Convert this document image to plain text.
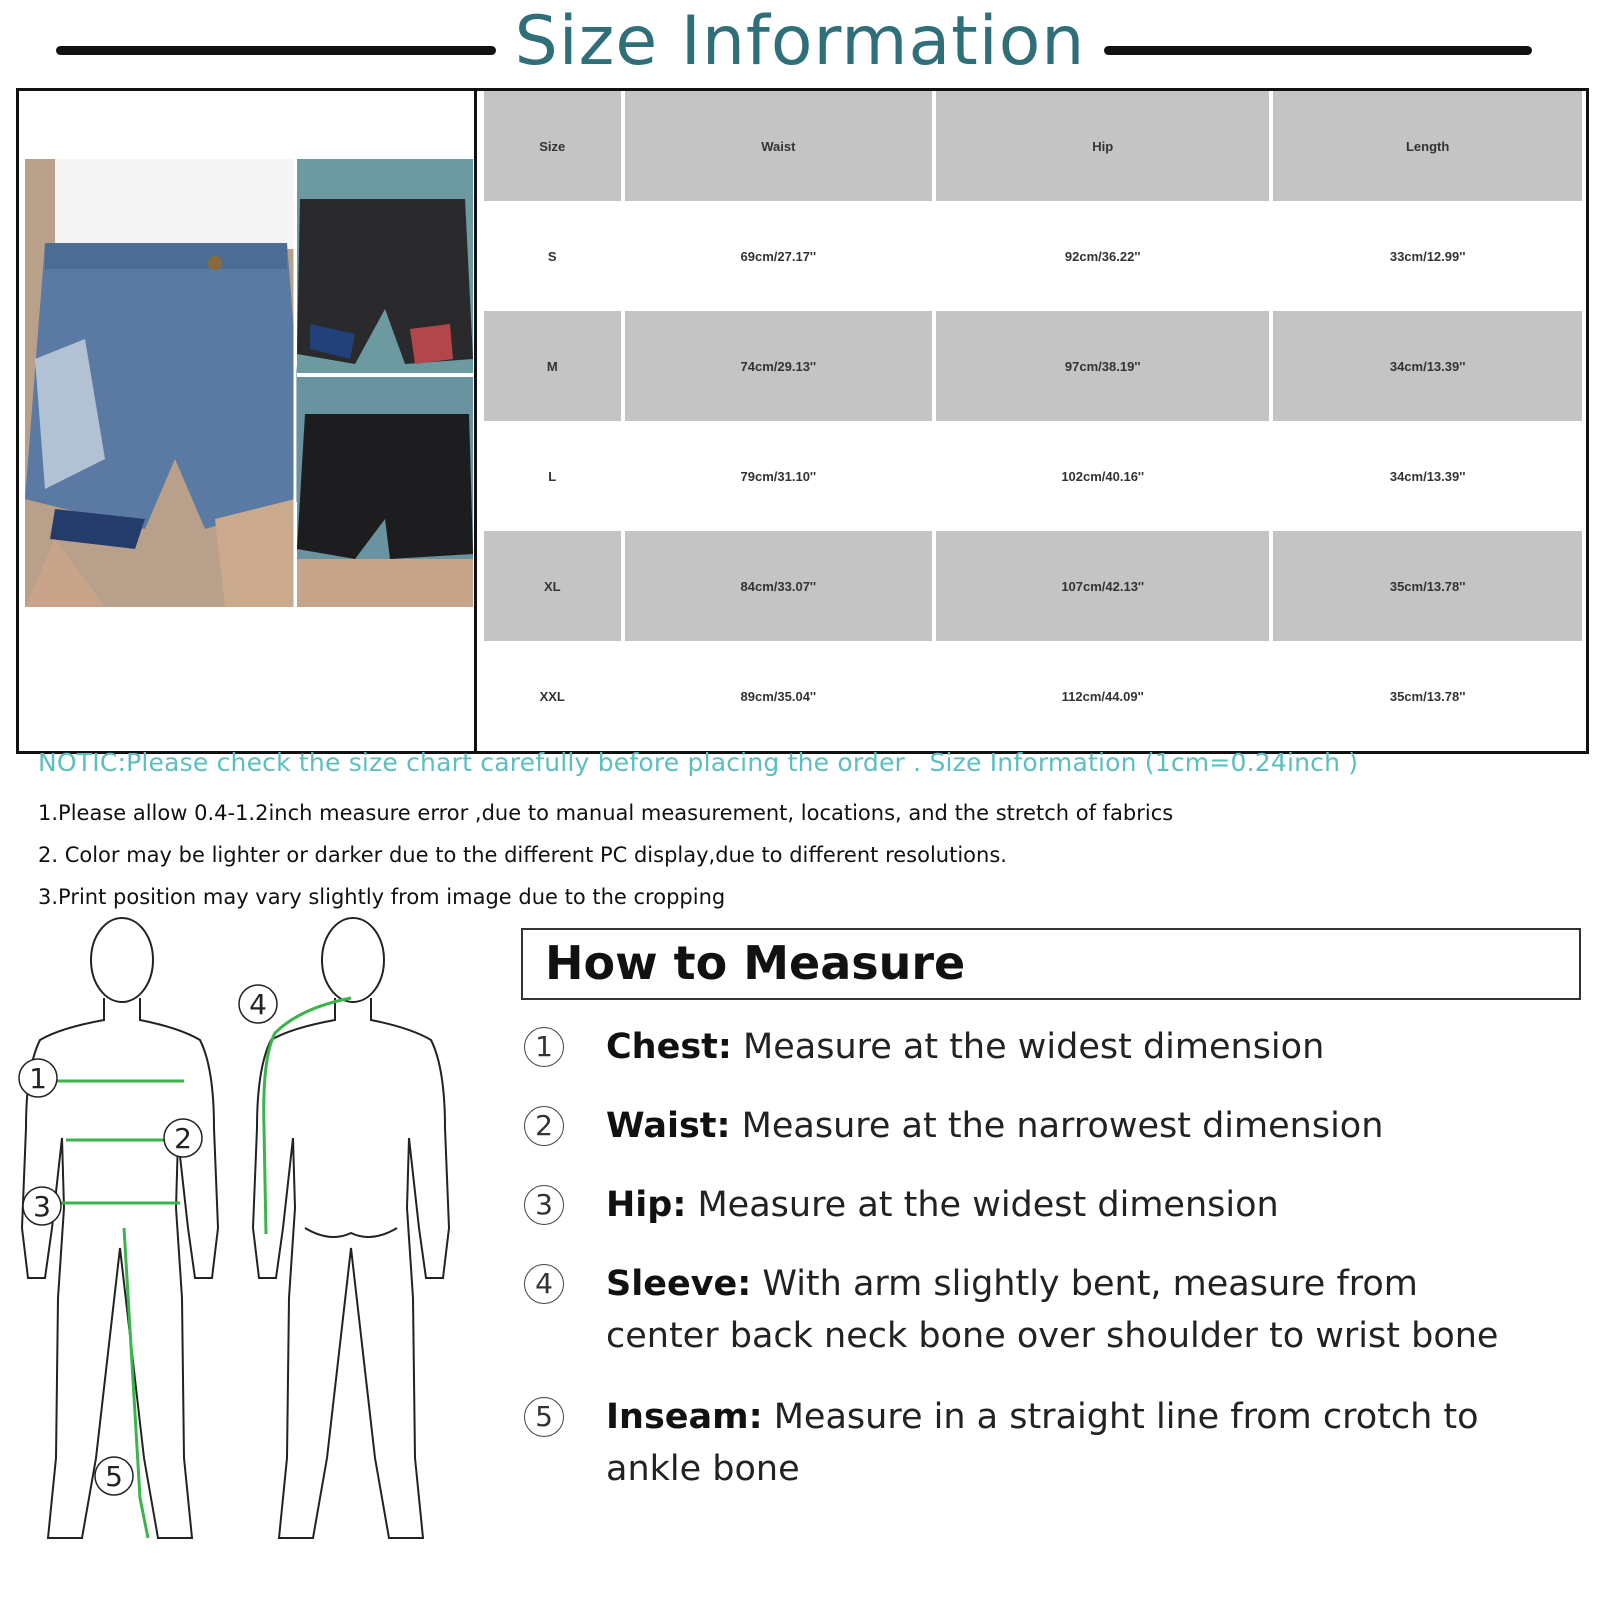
Size Information
Size	Waist	Hip	Length
S	69cm/27.17''	92cm/36.22''	33cm/12.99''
M	74cm/29.13''	97cm/38.19''	34cm/13.39''
L	79cm/31.10''	102cm/40.16''	34cm/13.39''
XL	84cm/33.07''	107cm/42.13''	35cm/13.78''
XXL	89cm/35.04''	112cm/44.09''	35cm/13.78''
NOTIC:Please check the size chart carefully before placing the order . Size Information (1cm=0.24inch )
1.Please allow 0.4-1.2inch measure error ,due to manual measurement, locations, and the stretch of fabrics
2. Color may be lighter or darker due to the different PC display,due to different resolutions.
3.Print position may vary slightly from image due to the cropping
1
2
3
4
5
How to Measure
1	Chest: Measure at the widest dimension
2	Waist: Measure at the narrowest dimension
3	Hip: Measure at the widest dimension
4	Sleeve: With arm slightly bent, measure from
center back neck bone over shoulder to wrist bone
5	Inseam: Measure in a straight line from crotch to
ankle bone
